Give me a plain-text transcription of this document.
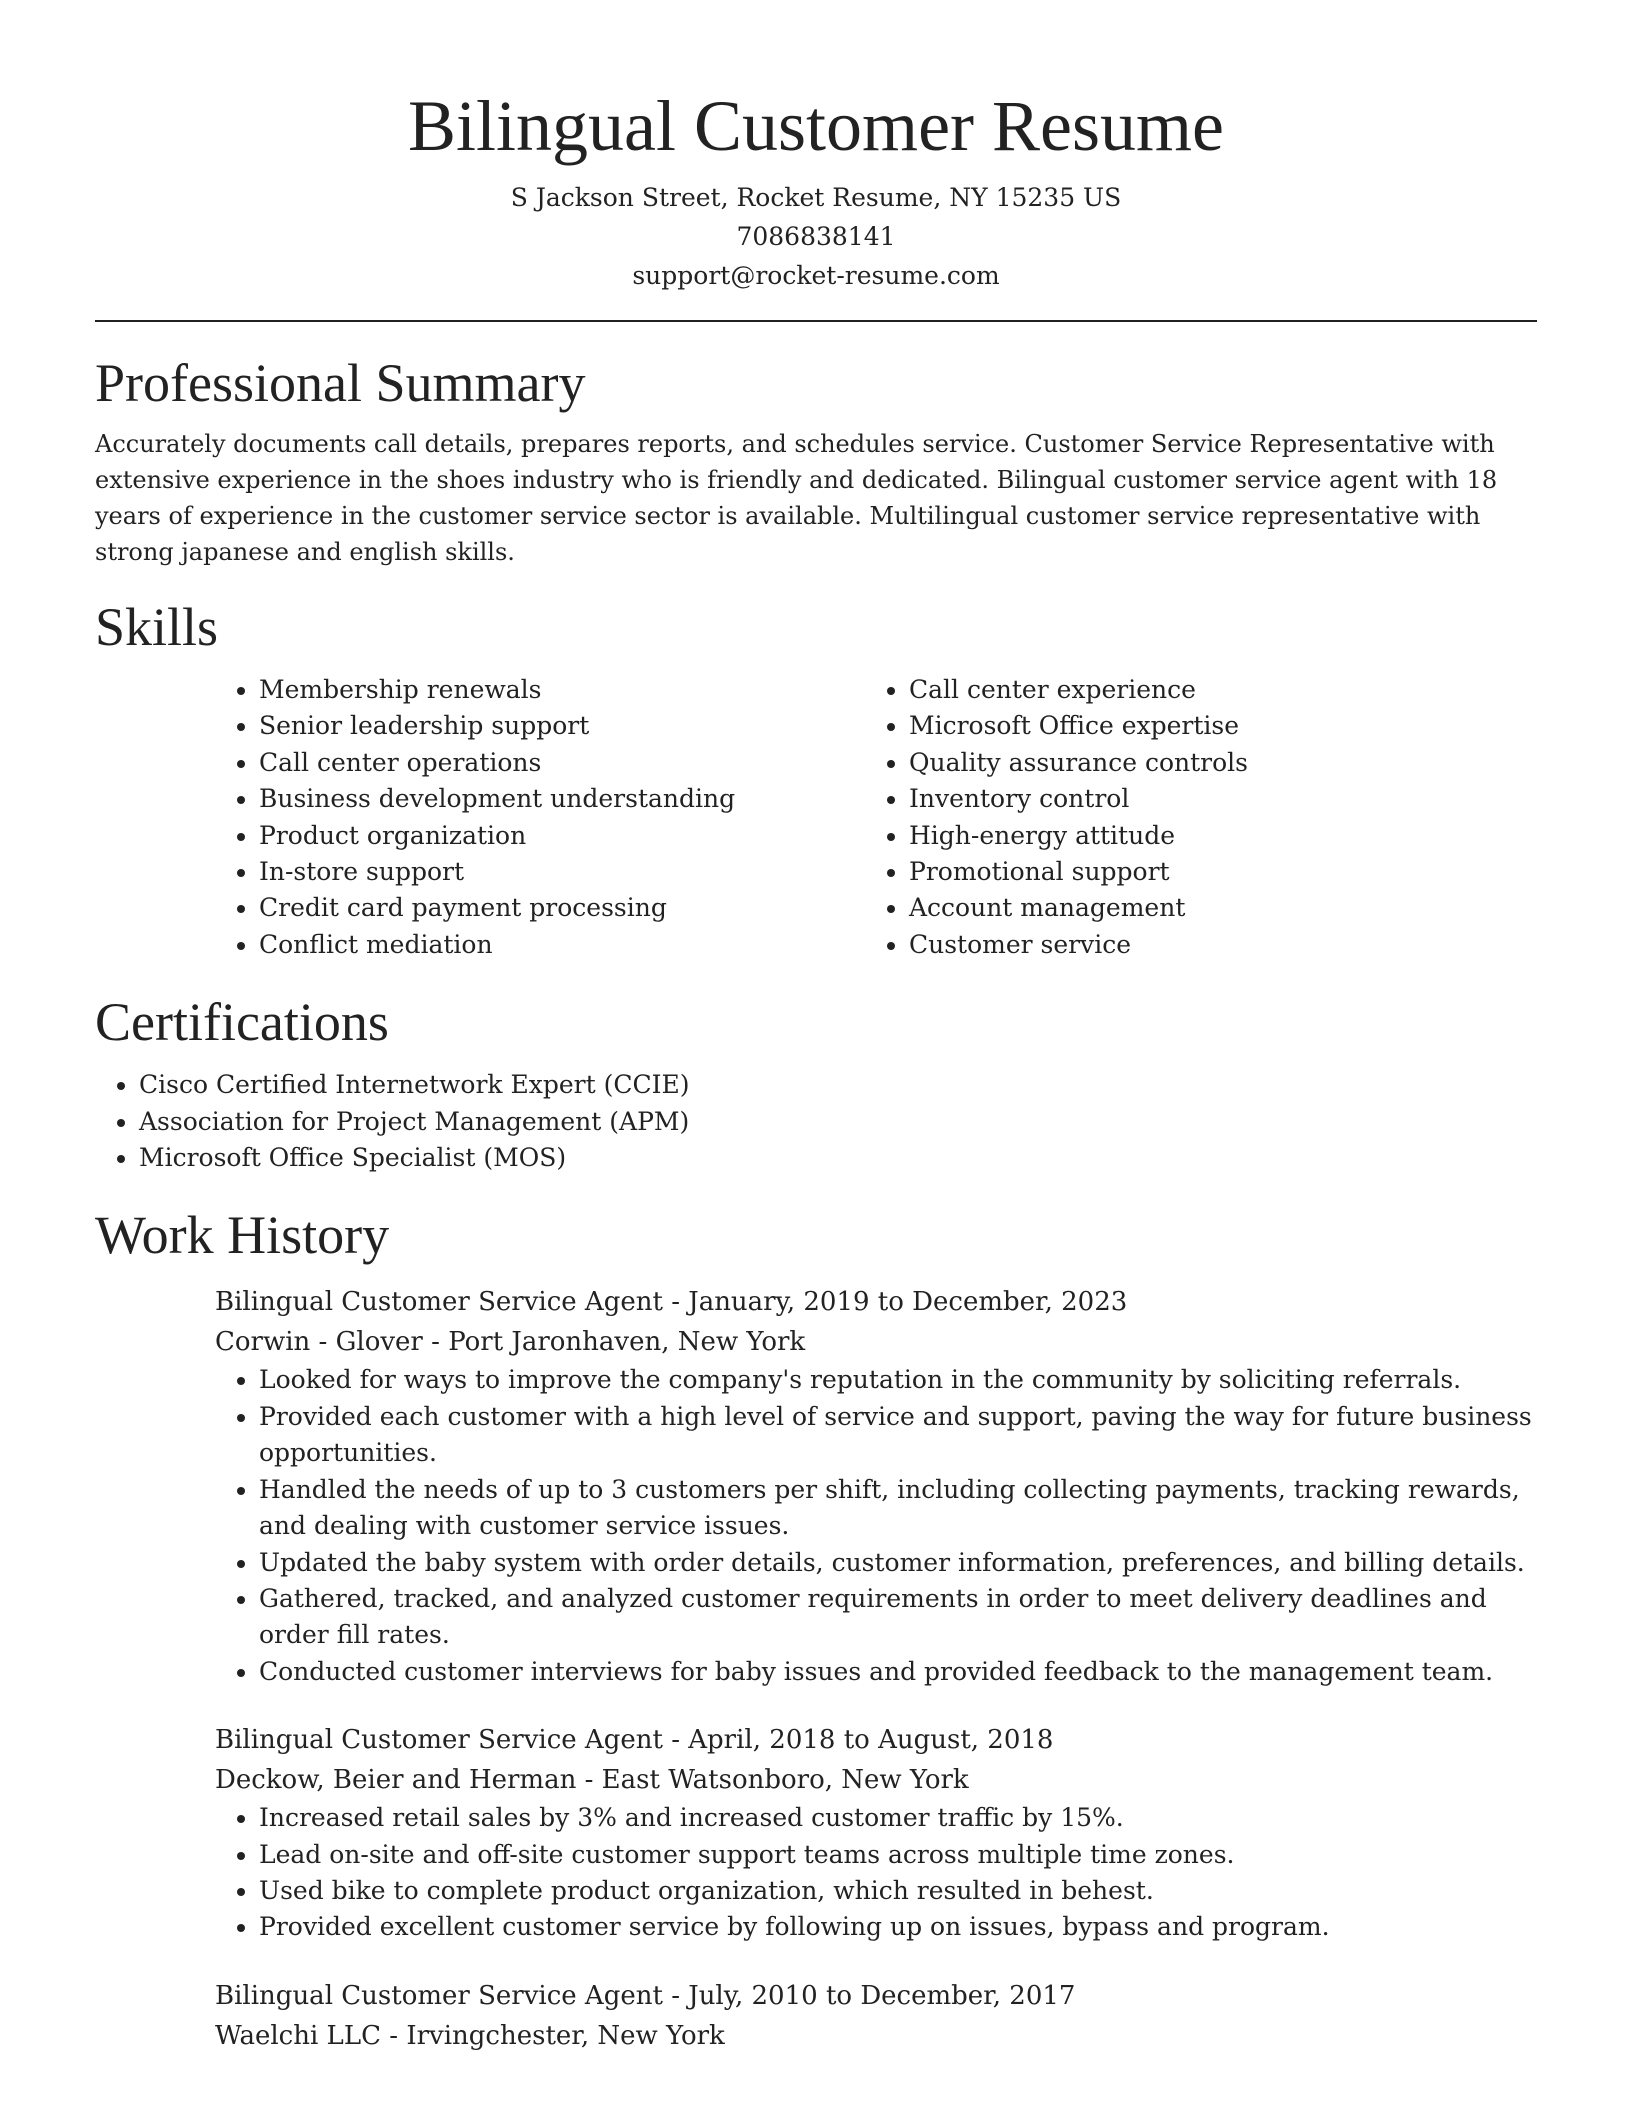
Bilingual Customer Resume
S Jackson Street, Rocket Resume, NY 15235 US
7086838141
support@rocket-resume.com
Professional Summary

Accurately documents call details, prepares reports, and schedules service. Customer Service Representative with extensive experience in the shoes industry who is friendly and dedicated. Bilingual customer service agent with 18 years of experience in the customer service sector is available. Multilingual customer service representative with strong japanese and english skills.

Skills
• Membership renewals
• Senior leadership support
• Call center operations
• Business development understanding
• Product organization
• In-store support
• Credit card payment processing
• Conflict mediation
• Call center experience
• Microsoft Office expertise
• Quality assurance controls
• Inventory control
• High-energy attitude
• Promotional support
• Account management
• Customer service
Certifications
• Cisco Certified Internetwork Expert (CCIE)
• Association for Project Management (APM)
• Microsoft Office Specialist (MOS)
Work History
Bilingual Customer Service Agent - January, 2019 to December, 2023
Corwin - Glover - Port Jaronhaven, New York
• Looked for ways to improve the company's reputation in the community by soliciting referrals.
• Provided each customer with a high level of service and support, paving the way for future business opportunities.
• Handled the needs of up to 3 customers per shift, including collecting payments, tracking rewards, and dealing with customer service issues.
• Updated the baby system with order details, customer information, preferences, and billing details.
• Gathered, tracked, and analyzed customer requirements in order to meet delivery deadlines and order fill rates.
• Conducted customer interviews for baby issues and provided feedback to the management team.
Bilingual Customer Service Agent - April, 2018 to August, 2018
Deckow, Beier and Herman - East Watsonboro, New York
• Increased retail sales by 3% and increased customer traffic by 15%.
• Lead on-site and off-site customer support teams across multiple time zones.
• Used bike to complete product organization, which resulted in behest.
• Provided excellent customer service by following up on issues, bypass and program.
Bilingual Customer Service Agent - July, 2010 to December, 2017
Waelchi LLC - Irvingchester, New York
